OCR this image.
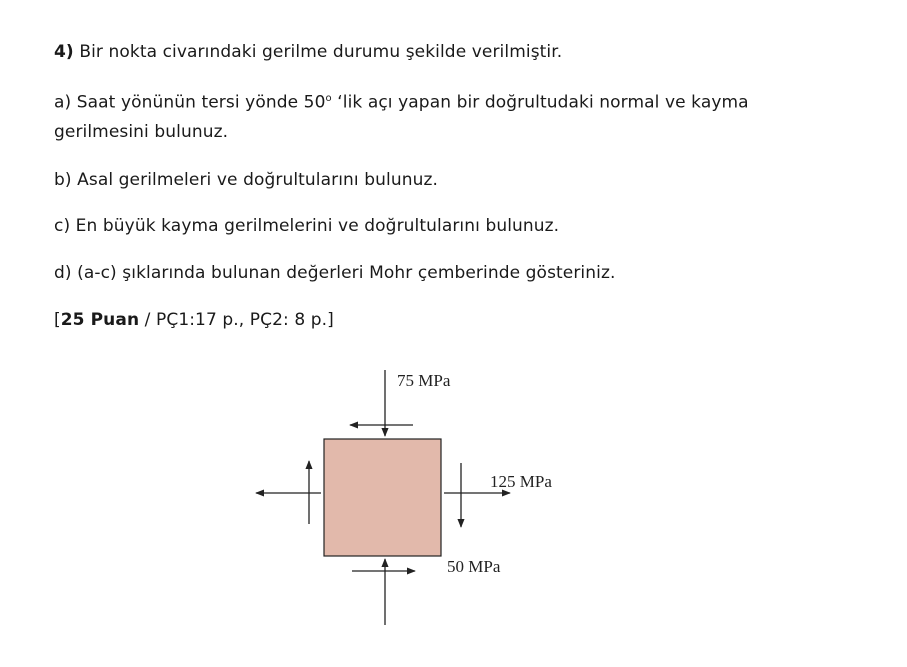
4) Bir nokta civarındaki gerilme durumu şekilde verilmiştir.
a) Saat yönünün tersi yönde 50$^o$ ‘lik açı yapan bir doğrultudaki normal ve kayma
gerilmesini bulunuz.
b) Asal gerilmeleri ve doğrultularını bulunuz.
c) En büyük kayma gerilmelerini ve doğrultularını bulunuz.
d) (a-c) şıklarında bulunan değerleri Mohr çemberinde gösteriniz.
[25 Puan / PÇ1:17 p., PÇ2: 8 p.]
75 MPa
125 MPa
50 MPa
